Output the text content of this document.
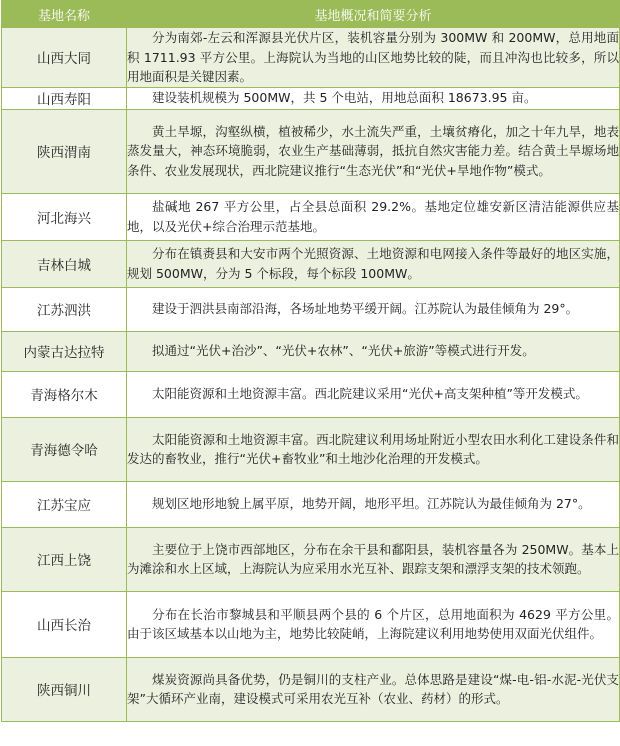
基地名称	基地概况和简要分析
山西大同	分为南郊-左云和浑源县光伏片区，装机容量分别为 300MW 和 200MW，总用地面积 1711.93 平方公里。上海院认为当地的山区地势比较的陡，而且冲沟也比较多，所以用地面积是关键因素。
山西寿阳	建设装机规模为 500MW，共 5 个电站，用地总面积 18673.95 亩。
陕西渭南	黄土旱塬，沟壑纵横，植被稀少，水土流失严重，土壤贫瘠化，加之十年九旱，地表蒸发量大，神态环境脆弱，农业生产基础薄弱，抵抗自然灾害能力差。结合黄土旱塬场地条件、农业发展现状，西北院建议推行“生态光伏”和“光伏+旱地作物”模式。
河北海兴	盐碱地 267 平方公里，占全县总面积 29.2%。基地定位雄安新区清洁能源供应基地，以及光伏+综合治理示范基地。
吉林白城	分布在镇赉县和大安市两个光照资源、土地资源和电网接入条件等最好的地区实施，规划 500MW，分为 5 个标段，每个标段 100MW。
江苏泗洪	建设于泗洪县南部沿海，各场址地势平缓开阔。江苏院认为最佳倾角为 29°。
内蒙古达拉特	拟通过“光伏+治沙”、“光伏+农林”、“光伏+旅游”等模式进行开发。
青海格尔木	太阳能资源和土地资源丰富。西北院建议采用“光伏+高支架种植”等开发模式。
青海德令哈	太阳能资源和土地资源丰富。西北院建议利用场址附近小型农田水利化工建设条件和发达的畜牧业，推行“光伏+畜牧业”和土地沙化治理的开发模式。
江苏宝应	规划区地形地貌上属平原，地势开阔，地形平坦。江苏院认为最佳倾角为 27°。
江西上饶	主要位于上饶市西部地区，分布在余干县和鄱阳县，装机容量各为 250MW。基本上为滩涂和水上区域，上海院认为应采用水光互补、跟踪支架和漂浮支架的技术领跑。
山西长治	分布在长治市黎城县和平顺县两个县的 6 个片区，总用地面积为 4629 平方公里。由于该区域基本以山地为主，地势比较陡峭，上海院建议利用地势使用双面光伏组件。
陕西铜川	煤炭资源尚具备优势，仍是铜川的支柱产业。总体思路是建设“煤-电-铝-水泥-光伏支架”大循环产业南，建设模式可采用农光互补（农业、药材）的形式。
